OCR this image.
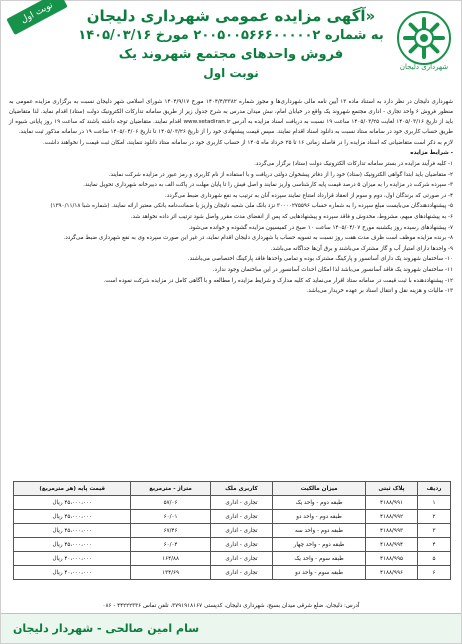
نوبت اول
شهرداری دلیجان
«آگهی مزایده عمومی شهرداری دلیجان
به شماره ۲۰۰۵۰۰۵۶۶۶۰۰۰۰۰۲ مورخ ۱۴۰۵/۰۳/۱۶
فروش واحدهای مجتمع شهروند یک
نوبت اول

شهرداری دلیجان در نظر دارد به استناد ماده ۱۳ آیین نامه مالی شهرداری‌ها و مجوز شماره ۱۴۰۴/۴/۳۳۸۲ مورخ ۱۴۰۴/۹/۱۷ شورای اسلامی شهر دلیجان نسبت به برگزاری مزایده عمومی به منظور فروش ۶ واحد تجاری - اداری مجتمع شهروند یک واقع در خیابان امام، نبش میدان مدرس به شرح جدول زیر از طریق سامانه تدارکات الکترونیک دولت (ستاد) اقدام نماید. لذا متقاضیان باید از تاریخ ۱۴۰۵/۰۳/۱۶ لغایت ۱۴۰۵/۰۳/۲۵ ساعت ۱۹ نسبت به دریافت اسناد مزایده به آدرس www.setadiran.ir اقدام نمایند. متقاضیان توجه داشته باشند که ساعت ۱۹ روز پایانی شیوه از طریق حساب کاربری خود در سامانه ستاد نسبت به دانلود اسناد اقدام نمایند. سپس قیمت پیشنهادی خود را از تاریخ ۱۴۰۵/۰۳/۲۶ تا تاریخ ۱۴۰۵/۰۴/۰۶ ساعت ۱۹ در سامانه مذکور ثبت نمایند.

لازم به ذکر است متقاضیانی که اسناد مزایده را در فاصله زمانی ۱۶ تا ۲۵ خرداد ماه ۱۴۰۵ از حساب کاربری خود در سامانه ستاد دانلود ننمایند، امکان ثبت قیمت را نخواهند داشت.

- شرایط مزایده

۱- کلیه فرآیند مزایده در بستر سامانه تدارکات الکترونیک دولت (ستاد) برگزار می‌گردد.

۲- متقاضیان باید ابتدا گواهی الکترونیک (ستاد) خود را از دفاتر پیشخوان دولتی دریافت و با استفاده از نام کاربری و رمز عبور در مزایده شرکت نمایند.

۳- سپرده شرکت در مزایده را به میزان ۵ درصد قیمت پایه کارشناسی واریز نمایند و اصل فیش را تا پایان مهلت در پاکت الف به دبیرخانه شهرداری تحویل نمایند.

۴- در صورتی که برندگان اول، دوم و سوم از انعقاد قرارداد امتناع نمایند سپرده آنان به ترتیب به نفع شهرداری ضبط می‌گردد.

۵- پیشنهاددهندگان می‌بایست مبلغ سپرده را به شماره حساب ۳۰۰۰۰۲۷۵۵۹۶ نزد بانک ملی شعبه دلیجان واریز یا ضمانت‌نامه بانکی معتبر ارائه نمایند. (شماره شبا ۱۳۹۰/۱۱/۱۸)

۶- به پیشنهادهای مبهم، مشروط، مخدوش و فاقد سپرده و پیشنهادهایی که پس از انقضای مدت مقرر واصل شود ترتیب اثر داده نخواهد شد.

۷- پیشنهادهای رسیده روز یکشنبه مورخ ۱۴۰۵/۰۴/۰۷ ساعت ۱۰ صبح در کمیسیون مزایده گشوده و خوانده می‌شود.

۸- برنده مزایده موظف است ظرف مدت هفت روز نسبت به تسویه حساب با شهرداری دلیجان اقدام نماید، در غیر این صورت سپرده وی به نفع شهرداری ضبط می‌گردد.

۹- واحدها دارای امتیاز آب و گاز مشترک می‌باشند و برق آن‌ها جداگانه می‌باشد.

۱۰- ساختمان شهروند یک دارای آسانسور و پارکینگ مشترک بوده و تمامی واحدها فاقد پارکینگ اختصاصی می‌باشند.

۱۱- ساختمان شهروند یک فاقد آسانسور می‌باشد لذا امکان احداث آسانسور در این ساختمان وجود ندارد.

۱۲- پیشنهاددهنده با ثبت قیمت در سامانه ستاد اقرار می‌نماید که کلیه مدارک و شرایط مزایده را مطالعه و با آگاهی کامل در مزایده شرکت نموده است.

۱۳- مالیات و هزینه نقل و انتقال اسناد بر عهده خریدار می‌باشد.

ردیف	پلاک ثبتی	میزان مالکیت	کاربری ملک	متراژ - مترمربع	قیمت پایه (هر مترمربع)
۱	۴۱۸۸/۹۹۱	طبقه دوم - واحد یک	تجاری - اداری	۵۷/۰۶	۴۵،۰۰۰،۰۰۰ ریال
۲	۴۱۸۸/۹۹۲	طبقه دوم - واحد دو	تجاری - اداری	۶۰/۰۱	۴۵،۰۰۰،۰۰۰ ریال
۳	۴۱۸۸/۹۹۳	طبقه دوم - واحد سه	تجاری - اداری	۶۷/۴۶	۴۵،۰۰۰،۰۰۰ ریال
۴	۴۱۸۸/۹۹۴	طبقه دوم - واحد چهار	تجاری - اداری	۶۰/۰۴	۴۵،۰۰۰،۰۰۰ ریال
۵	۴۱۸۸/۹۹۵	طبقه سوم - واحد یک	تجاری - اداری	۱۶۴/۸۸	۴۰،۰۰۰،۰۰۰ ریال
۶	۴۱۸۸/۹۹۶	طبقه سوم - واحد دو	تجاری - اداری	۱۳۴/۶۹	۴۰،۰۰۰،۰۰۰ ریال
آدرس: دلیجان، ضلع شرقی میدان بسیج، شهرداری دلیجان، کدپستی ۳۷۹۱۹۱۸۱۶۷، تلفن تماس ۴۴۲۲۲۳۳۶ - ۰۸۶
سام امین صالحی - شهردار دلیجان
